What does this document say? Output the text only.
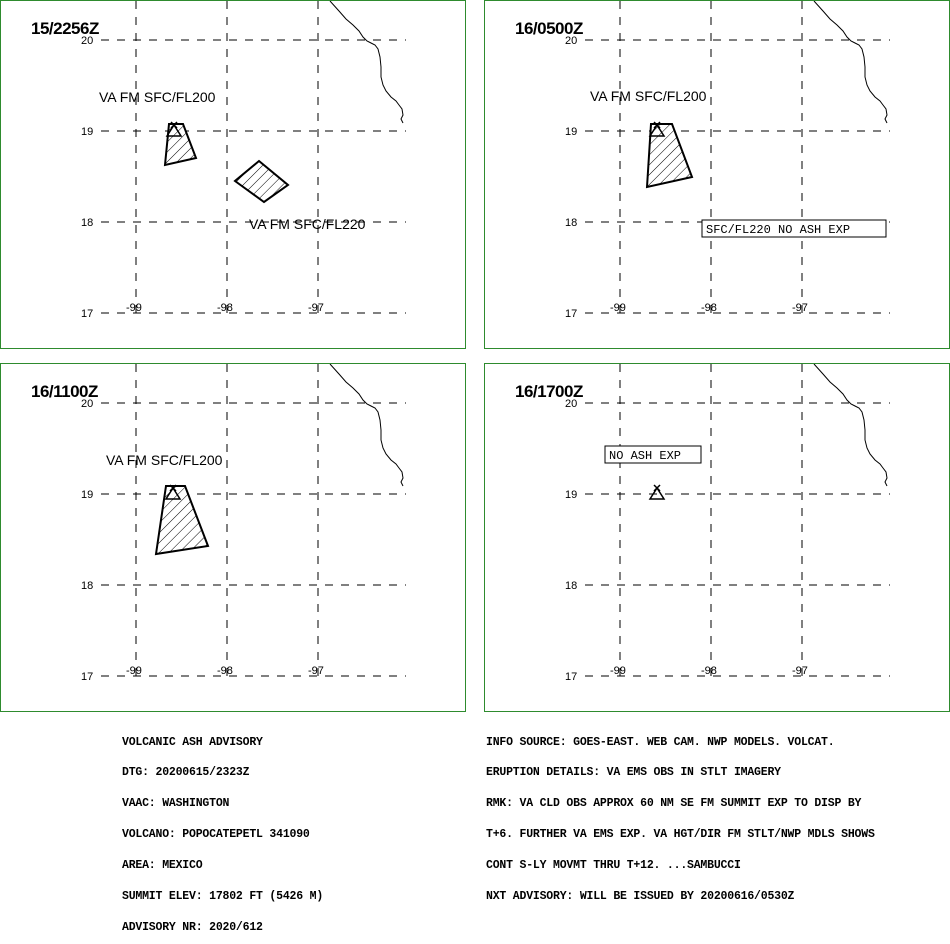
15/2256Z
20
19
18
17	-99	-98	-97
VA FM SFC/FL200
VA FM SFC/FL220
16/0500Z
20
19
18
17	-99	-98	-97
VA FM SFC/FL200
SFC/FL220 NO ASH EXP
16/1100Z
20
19
18
17	-99	-98	-97
VA FM SFC/FL200
16/1700Z
20
19
18
17	-99	-98	-97
NO ASH EXP

VOLCANIC ASH ADVISORY

DTG: 20200615/2323Z

VAAC: WASHINGTON

VOLCANO: POPOCATEPETL 341090

AREA: MEXICO

SUMMIT ELEV: 17802 FT (5426 M)

ADVISORY NR: 2020/612

INFO SOURCE: GOES-EAST. WEB CAM. NWP MODELS. VOLCAT.

ERUPTION DETAILS: VA EMS OBS IN STLT IMAGERY

RMK: VA CLD OBS APPROX 60 NM SE FM SUMMIT EXP TO DISP BY

T+6. FURTHER VA EMS EXP. VA HGT/DIR FM STLT/NWP MDLS SHOWS

CONT S-LY MOVMT THRU T+12. ...SAMBUCCI

NXT ADVISORY: WILL BE ISSUED BY 20200616/0530Z
